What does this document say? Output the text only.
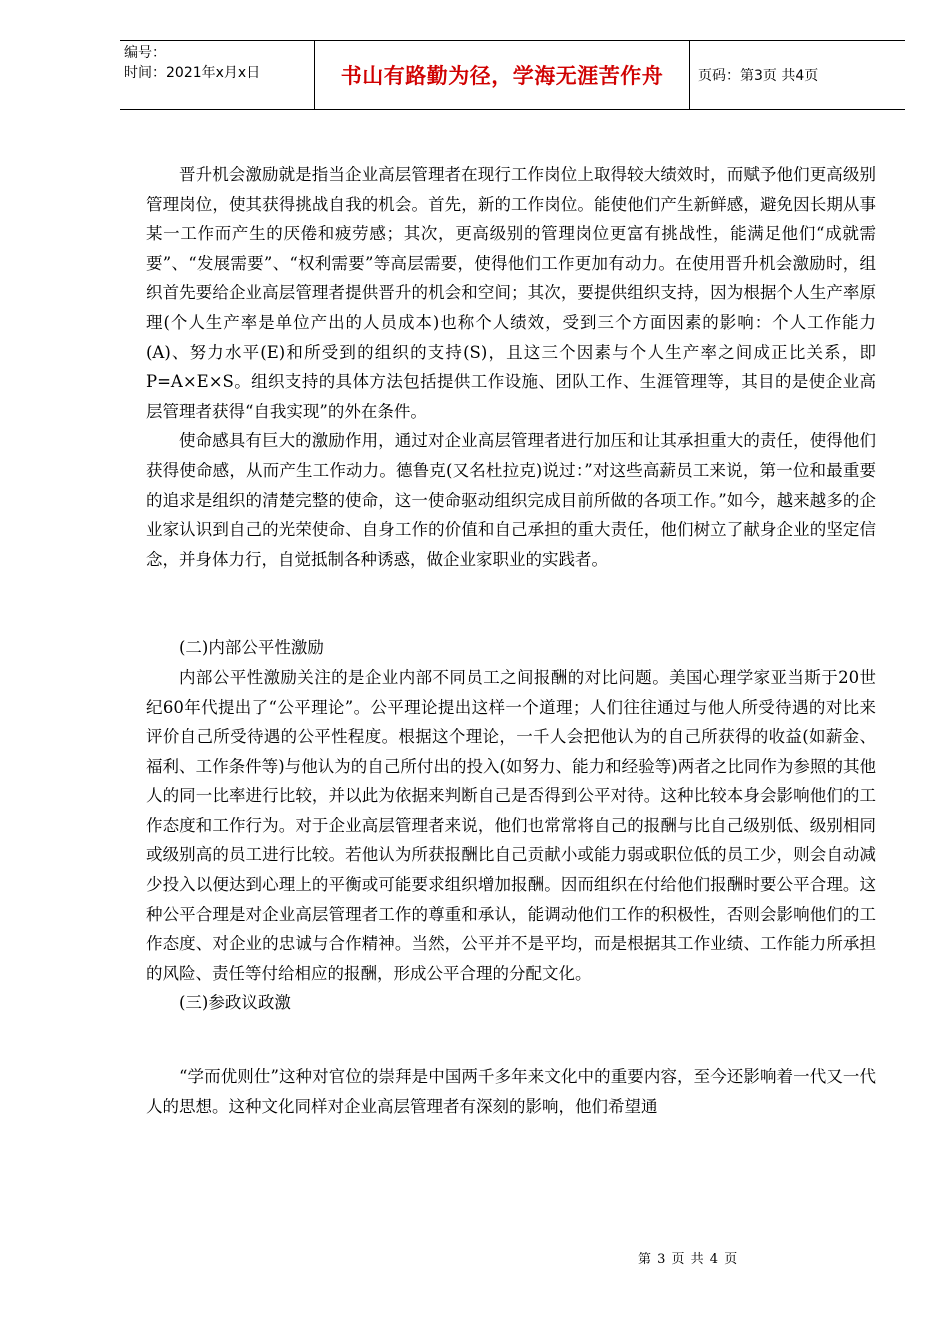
编号：
时间：2021年x月x日	书山有路勤为径，学海无涯苦作舟	页码：第3页 共4页

晋升机会激励就是指当企业高层管理者在现行工作岗位上取得较大绩效时，而赋予他们更高级别管理岗位，使其获得挑战自我的机会。首先，新的工作岗位。能使他们产生新鲜感，避免因长期从事某一工作而产生的厌倦和疲劳感；其次，更高级别的管理岗位更富有挑战性，能满足他们“成就需要”、“发展需要”、“权利需要”等高层需要，使得他们工作更加有动力。在使用晋升机会激励时，组织首先要给企业高层管理者提供晋升的机会和空间；其次，要提供组织支持，因为根据个人生产率原理(个人生产率是单位产出的人员成本)也称个人绩效，受到三个方面因素的影响：个人工作能力(A)、努力水平(E)和所受到的组织的支持(S)，且这三个因素与个人生产率之间成正比关系，即P=A×E×S。组织支持的具体方法包括提供工作设施、团队工作、生涯管理等，其目的是使企业高层管理者获得“自我实现”的外在条件。

使命感具有巨大的激励作用，通过对企业高层管理者进行加压和让其承担重大的责任，使得他们获得使命感，从而产生工作动力。德鲁克(又名杜拉克)说过：”对这些高薪员工来说，第一位和最重要的追求是组织的清楚完整的使命，这一使命驱动组织完成目前所做的各项工作。”如今，越来越多的企业家认识到自己的光荣使命、自身工作的价值和自己承担的重大责任，他们树立了献身企业的坚定信念，并身体力行，自觉抵制各种诱惑，做企业家职业的实践者。

(二)内部公平性激励

内部公平性激励关注的是企业内部不同员工之间报酬的对比问题。美国心理学家亚当斯于20世纪60年代提出了“公平理论”。公平理论提出这样一个道理；人们往往通过与他人所受待遇的对比来评价自己所受待遇的公平性程度。根据这个理论，一千人会把他认为的自己所获得的收益(如薪金、福利、工作条件等)与他认为的自己所付出的投入(如努力、能力和经验等)两者之比同作为参照的其他人的同一比率进行比较，并以此为依据来判断自己是否得到公平对待。这种比较本身会影响他们的工作态度和工作行为。对于企业高层管理者来说，他们也常常将自己的报酬与比自己级别低、级别相同或级别高的员工进行比较。若他认为所获报酬比自己贡献小或能力弱或职位低的员工少，则会自动减少投入以便达到心理上的平衡或可能要求组织增加报酬。因而组织在付给他们报酬时要公平合理。这种公平合理是对企业高层管理者工作的尊重和承认，能调动他们工作的积极性，否则会影响他们的工作态度、对企业的忠诚与合作精神。当然，公平并不是平均，而是根据其工作业绩、工作能力所承担的风险、责任等付给相应的报酬，形成公平合理的分配文化。

(三)参政议政激

“学而优则仕”这种对官位的崇拜是中国两千多年来文化中的重要内容，至今还影响着一代又一代人的思想。这种文化同样对企业高层管理者有深刻的影响，他们希望通

第 3 页 共 4 页
